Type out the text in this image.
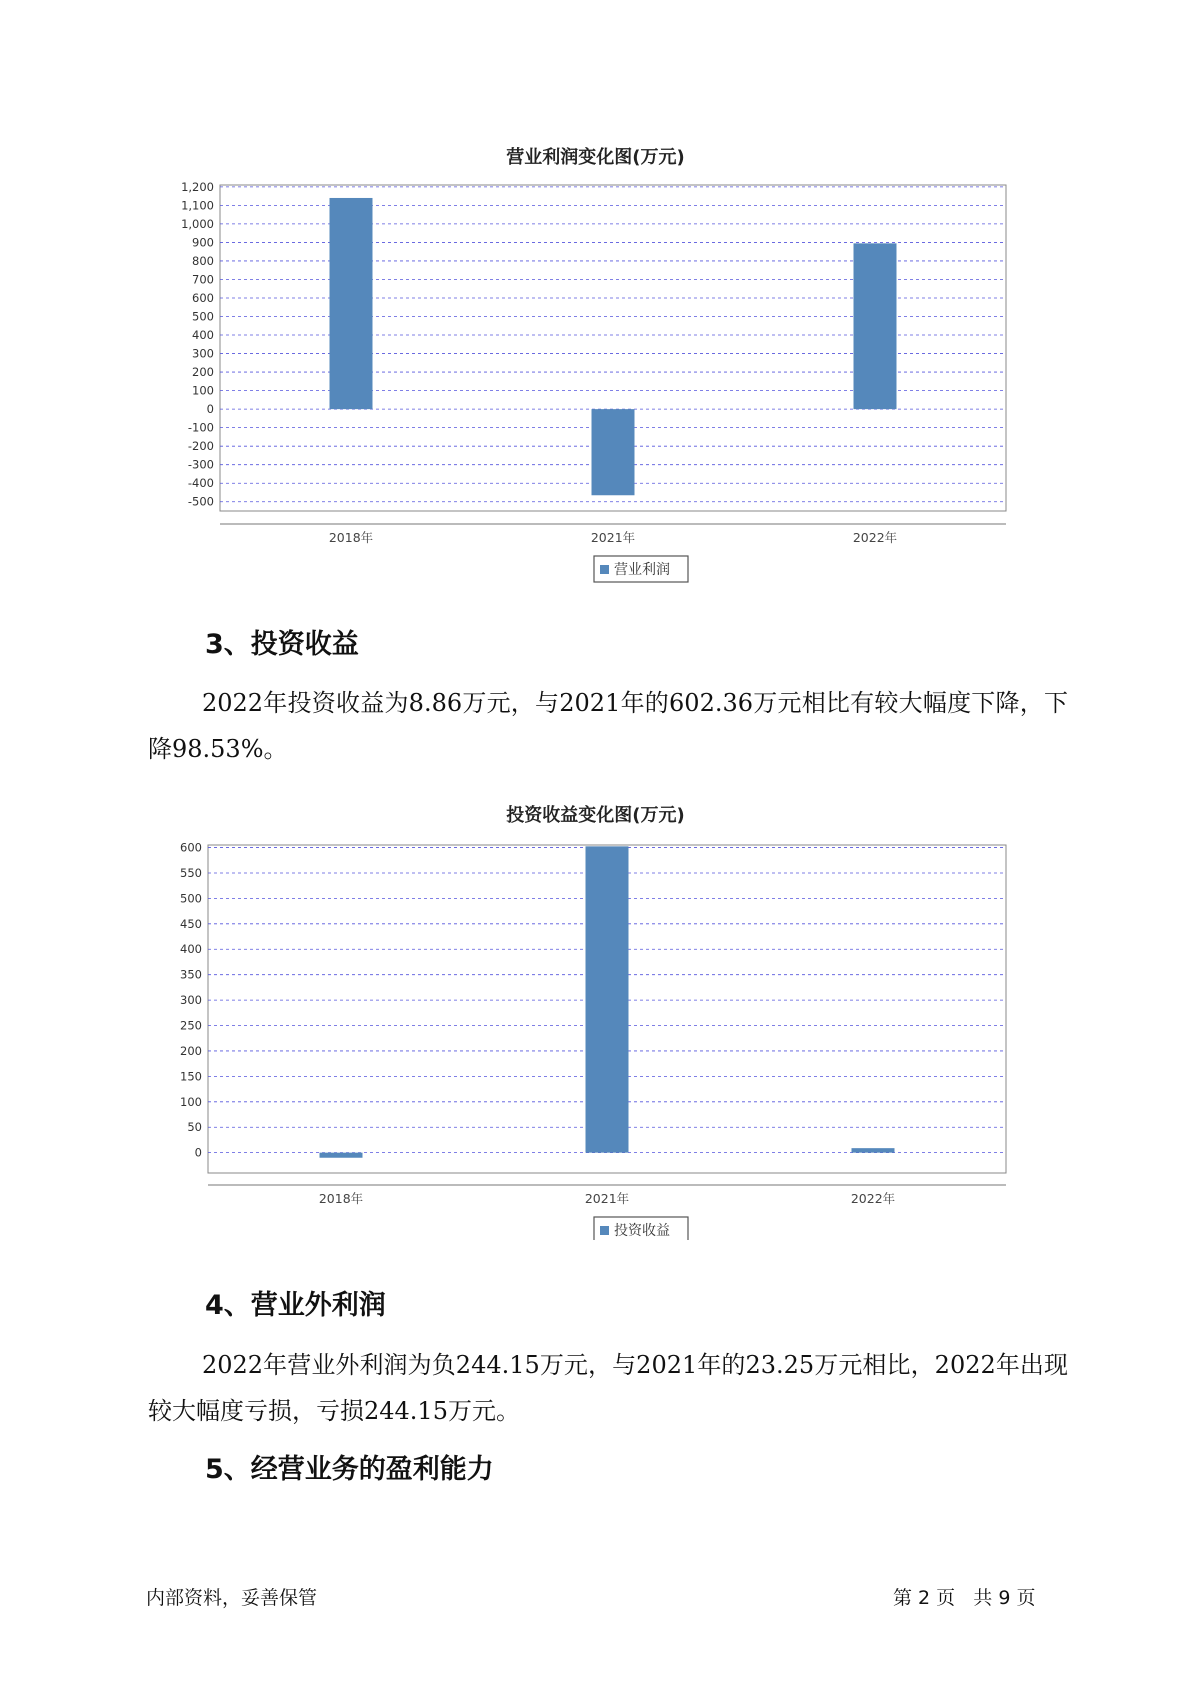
营业利润变化图(万元)
1,200
1,100
1,000
900
800
700
600
500
400
300
200
100
0
-100
-200
-300
-400
-500
2018年	2021年	2022年
营业利润
3、投资收益
2022年投资收益为8.86万元，与2021年的602.36万元相比有较大幅度下降，下降98.53%。
投资收益变化图(万元)
600
550
500
450
400
350
300
250
200
150
100
50
0
2018年	2021年	2022年
投资收益
4、营业外利润
2022年营业外利润为负244.15万元，与2021年的23.25万元相比，2022年出现较大幅度亏损，亏损244.15万元。
5、经营业务的盈利能力
内部资料，妥善保管	第 2 页   共 9 页
